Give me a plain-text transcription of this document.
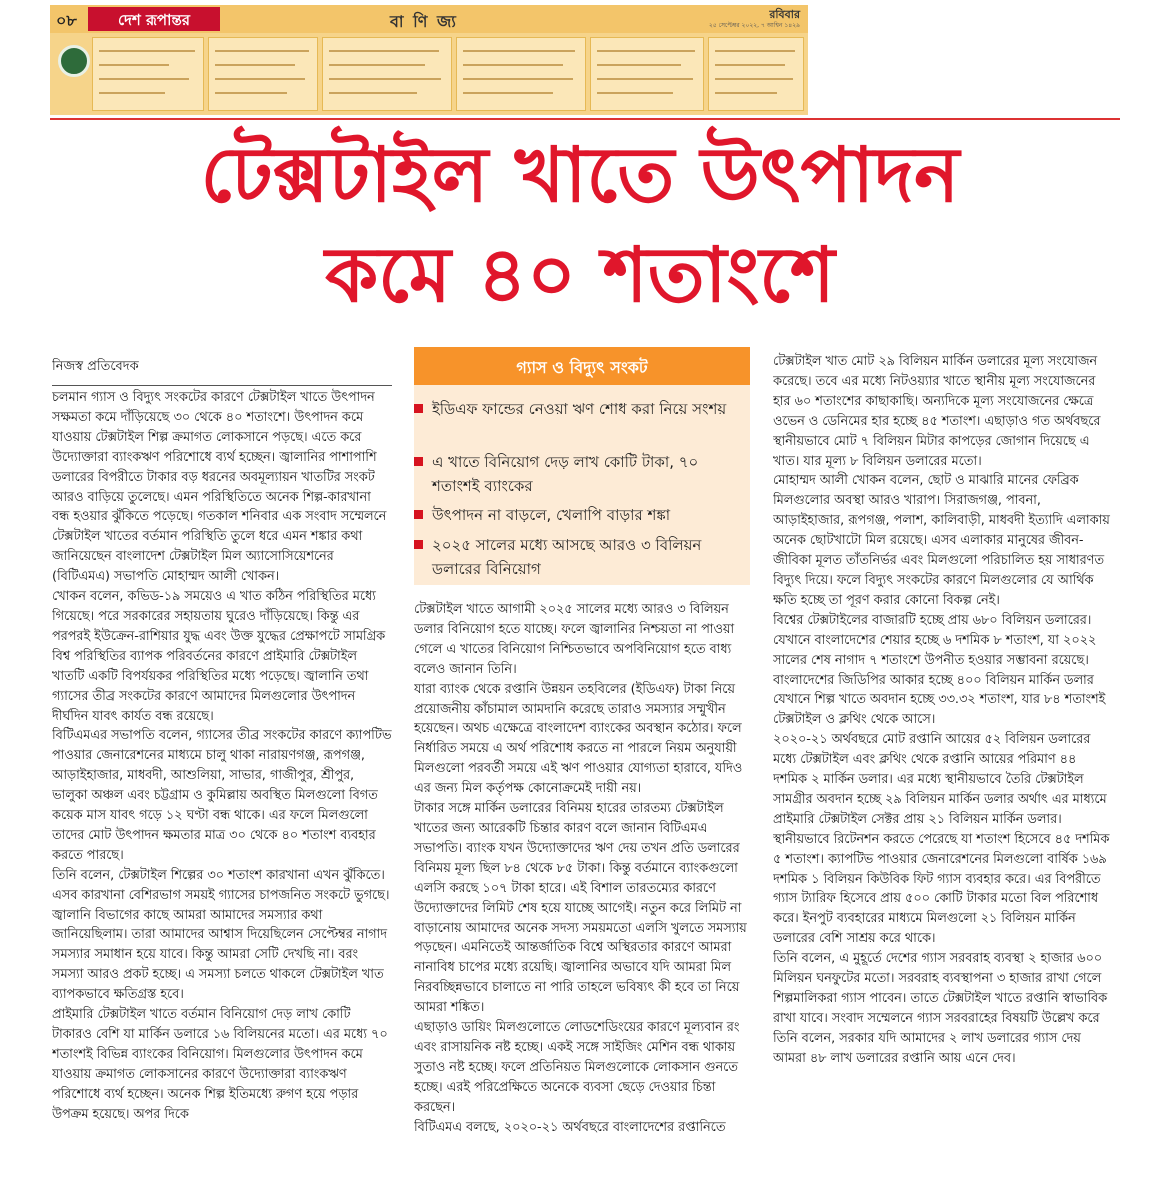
০৮	দেশ রূপান্তর	বা ণি জ্য	রবিবার
২৫ সেপ্টেম্বর ২০২২, ৭ আশ্বিন ১৪২৯
টেক্সটাইল খাতে উৎপাদন
কমে ৪০ শতাংশে

নিজস্ব প্রতিবেদক

চলমান গ্যাস ও বিদ্যুৎ সংকটের কারণে টেক্সটাইল খাতে উৎপাদন সক্ষমতা কমে দাঁড়িয়েছে ৩০ থেকে ৪০ শতাংশে। উৎপাদন কমে যাওয়ায় টেক্সটাইল শিল্প ক্রমাগত লোকসানে পড়ছে। এতে করে উদ্যোক্তারা ব্যাংকঋণ পরিশোধে ব্যর্থ হচ্ছেন। জ্বালানির পাশাপাশি ডলারের বিপরীতে টাকার বড় ধরনের অবমূল্যায়ন খাতটির সংকট আরও বাড়িয়ে তুলেছে। এমন পরিস্থিতিতে অনেক শিল্প-কারখানা বন্ধ হওয়ার ঝুঁকিতে পড়েছে। গতকাল শনিবার এক সংবাদ সম্মেলনে টেক্সটাইল খাতের বর্তমান পরিস্থিতি তুলে ধরে এমন শঙ্কার কথা জানিয়েছেন বাংলাদেশ টেক্সটাইল মিল অ্যাসোসিয়েশনের (বিটিএমএ) সভাপতি মোহাম্মদ আলী খোকন।

খোকন বলেন, কভিড-১৯ সময়েও এ খাত কঠিন পরিস্থিতির মধ্যে গিয়েছে। পরে সরকারের সহায়তায় ঘুরেও দাঁড়িয়েছে। কিন্তু এর পরপরই ইউক্রেন-রাশিয়ার যুদ্ধ এবং উক্ত যুদ্ধের প্রেক্ষাপটে সামগ্রিক বিশ্ব পরিস্থিতির ব্যাপক পরিবর্তনের কারণে প্রাইমারি টেক্সটাইল খাতটি একটি বিপর্যয়কর পরিস্থিতির মধ্যে পড়েছে। জ্বালানি তথা গ্যাসের তীব্র সংকটের কারণে আমাদের মিলগুলোর উৎপাদন দীর্ঘদিন যাবৎ কার্যত বন্ধ রয়েছে।

বিটিএমএর সভাপতি বলেন, গ্যাসের তীব্র সংকটের কারণে ক্যাপটিভ পাওয়ার জেনারেশনের মাধ্যমে চালু থাকা নারায়ণগঞ্জ, রূপগঞ্জ, আড়াইহাজার, মাধবদী, আশুলিয়া, সাভার, গাজীপুর, শ্রীপুর, ভালুকা অঞ্চল এবং চট্টগ্রাম ও কুমিল্লায় অবস্থিত মিলগুলো বিগত কয়েক মাস যাবৎ গড়ে ১২ ঘণ্টা বন্ধ থাকে। এর ফলে মিলগুলো তাদের মোট উৎপাদন ক্ষমতার মাত্র ৩০ থেকে ৪০ শতাংশ ব্যবহার করতে পারছে।

তিনি বলেন, টেক্সটাইল শিল্পের ৩০ শতাংশ কারখানা এখন ঝুঁকিতে। এসব কারখানা বেশিরভাগ সময়ই গ্যাসের চাপজনিত সংকটে ভুগছে। জ্বালানি বিভাগের কাছে আমরা আমাদের সমস্যার কথা জানিয়েছিলাম। তারা আমাদের আশ্বাস দিয়েছিলেন সেপ্টেম্বর নাগাদ সমস্যার সমাধান হয়ে যাবে। কিন্তু আমরা সেটি দেখছি না। বরং সমস্যা আরও প্রকট হচ্ছে। এ সমস্যা চলতে থাকলে টেক্সটাইল খাত ব্যাপকভাবে ক্ষতিগ্রস্ত হবে।

প্রাইমারি টেক্সটাইল খাতে বর্তমান বিনিয়োগ দেড় লাখ কোটি টাকারও বেশি যা মার্কিন ডলারে ১৬ বিলিয়নের মতো। এর মধ্যে ৭০ শতাংশই বিভিন্ন ব্যাংকের বিনিয়োগ। মিলগুলোর উৎপাদন কমে যাওয়ায় ক্রমাগত লোকসানের কারণে উদ্যোক্তারা ব্যাংকঋণ পরিশোধে ব্যর্থ হচ্ছেন। অনেক শিল্প ইতিমধ্যে রুগণ হয়ে পড়ার উপক্রম হয়েছে। অপর দিকে

গ্যাস ও বিদ্যুৎ সংকট
ইডিএফ ফান্ডের নেওয়া ঋণ শোধ করা নিয়ে সংশয়
এ খাতে বিনিয়োগ দেড় লাখ কোটি টাকা, ৭০ শতাংশই ব্যাংকের
উৎপাদন না বাড়লে, খেলাপি বাড়ার শঙ্কা
২০২৫ সালের মধ্যে আসছে আরও ৩ বিলিয়ন ডলারের বিনিয়োগ

টেক্সটাইল খাতে আগামী ২০২৫ সালের মধ্যে আরও ৩ বিলিয়ন ডলার বিনিয়োগ হতে যাচ্ছে। ফলে জ্বালানির নিশ্চয়তা না পাওয়া গেলে এ খাতের বিনিয়োগ নিশ্চিতভাবে অপবিনিয়োগ হতে বাধ্য বলেও জানান তিনি।

যারা ব্যাংক থেকে রপ্তানি উন্নয়ন তহবিলের (ইডিএফ) টাকা নিয়ে প্রয়োজনীয় কাঁচামাল আমদানি করেছে তারাও সমস্যার সম্মুখীন হয়েছেন। অথচ এক্ষেত্রে বাংলাদেশ ব্যাংকের অবস্থান কঠোর। ফলে নির্ধারিত সময়ে এ অর্থ পরিশোধ করতে না পারলে নিয়ম অনুযায়ী মিলগুলো পরবর্তী সময়ে এই ঋণ পাওয়ার যোগ্যতা হারাবে, যদিও এর জন্য মিল কর্তৃপক্ষ কোনোক্রমেই দায়ী নয়।

টাকার সঙ্গে মার্কিন ডলারের বিনিময় হারের তারতম্য টেক্সটাইল খাতের জন্য আরেকটি চিন্তার কারণ বলে জানান বিটিএমএ সভাপতি। ব্যাংক যখন উদ্যোক্তাদের ঋণ দেয় তখন প্রতি ডলারের বিনিময় মূল্য ছিল ৮৪ থেকে ৮৫ টাকা। কিন্তু বর্তমানে ব্যাংকগুলো এলসি করছে ১০৭ টাকা হারে। এই বিশাল তারতম্যের কারণে উদ্যোক্তাদের লিমিট শেষ হয়ে যাচ্ছে আগেই। নতুন করে লিমিট না বাড়ানোয় আমাদের অনেক সদস্য সময়মতো এলসি খুলতে সমস্যায় পড়ছেন। এমনিতেই আন্তর্জাতিক বিশ্বে অস্থিরতার কারণে আমরা নানাবিধ চাপের মধ্যে রয়েছি। জ্বালানির অভাবে যদি আমরা মিল নিরবচ্ছিন্নভাবে চালাতে না পারি তাহলে ভবিষ্যৎ কী হবে তা নিয়ে আমরা শঙ্কিত।

এছাড়াও ডায়িং মিলগুলোতে লোডশেডিংয়ের কারণে মূল্যবান রং এবং রাসায়নিক নষ্ট হচ্ছে। একই সঙ্গে সাইজিং মেশিন বন্ধ থাকায় সুতাও নষ্ট হচ্ছে। ফলে প্রতিনিয়ত মিলগুলোকে লোকসান গুনতে হচ্ছে। এরই পরিপ্রেক্ষিতে অনেকে ব্যবসা ছেড়ে দেওয়ার চিন্তা করছেন।

বিটিএমএ বলছে, ২০২০-২১ অর্থবছরে বাংলাদেশের রপ্তানিতে

টেক্সটাইল খাত মোট ২৯ বিলিয়ন মার্কিন ডলারের মূল্য সংযোজন করেছে। তবে এর মধ্যে নিটওয়্যার খাতে স্থানীয় মূল্য সংযোজনের হার ৬০ শতাংশের কাছাকাছি। অন্যদিকে মূল্য সংযোজনের ক্ষেত্রে ওভেন ও ডেনিমের হার হচ্ছে ৪৫ শতাংশ। এছাড়াও গত অর্থবছরে স্থানীয়ভাবে মোট ৭ বিলিয়ন মিটার কাপড়ের জোগান দিয়েছে এ খাত। যার মূল্য ৮ বিলিয়ন ডলারের মতো।

মোহাম্মদ আলী খোকন বলেন, ছোট ও মাঝারি মানের ফেব্রিক মিলগুলোর অবস্থা আরও খারাপ। সিরাজগঞ্জ, পাবনা, আড়াইহাজার, রূপগঞ্জ, পলাশ, কালিবাড়ী, মাধবদী ইত্যাদি এলাকায় অনেক ছোটখাটো মিল রয়েছে। এসব এলাকার মানুষের জীবন-জীবিকা মূলত তাঁতনির্ভর এবং মিলগুলো পরিচালিত হয় সাধারণত বিদ্যুৎ দিয়ে। ফলে বিদ্যুৎ সংকটের কারণে মিলগুলোর যে আর্থিক ক্ষতি হচ্ছে তা পূরণ করার কোনো বিকল্প নেই।

বিশ্বের টেক্সটাইলের বাজারটি হচ্ছে প্রায় ৬৮০ বিলিয়ন ডলারের। যেখানে বাংলাদেশের শেয়ার হচ্ছে ৬ দশমিক ৮ শতাংশ, যা ২০২২ সালের শেষ নাগাদ ৭ শতাংশে উপনীত হওয়ার সম্ভাবনা রয়েছে। বাংলাদেশের জিডিপির আকার হচ্ছে ৪০০ বিলিয়ন মার্কিন ডলার যেখানে শিল্প খাতে অবদান হচ্ছে ৩৩.৩২ শতাংশ, যার ৮৪ শতাংশই টেক্সটাইল ও ক্লথিং থেকে আসে।

২০২০-২১ অর্থবছরে মোট রপ্তানি আয়ের ৫২ বিলিয়ন ডলারের মধ্যে টেক্সটাইল এবং ক্লথিং থেকে রপ্তানি আয়ের পরিমাণ ৪৪ দশমিক ২ মার্কিন ডলার। এর মধ্যে স্থানীয়ভাবে তৈরি টেক্সটাইল সামগ্রীর অবদান হচ্ছে ২৯ বিলিয়ন মার্কিন ডলার অর্থাৎ এর মাধ্যমে প্রাইমারি টেক্সটাইল সেক্টর প্রায় ২১ বিলিয়ন মার্কিন ডলার।

স্থানীয়ভাবে রিটেনশন করতে পেরেছে যা শতাংশ হিসেবে ৪৫ দশমিক ৫ শতাংশ। ক্যাপটিভ পাওয়ার জেনারেশনের মিলগুলো বার্ষিক ১৬৯ দশমিক ১ বিলিয়ন কিউবিক ফিট গ্যাস ব্যবহার করে। এর বিপরীতে গ্যাস ট্যারিফ হিসেবে প্রায় ৫০০ কোটি টাকার মতো বিল পরিশোধ করে। ইনপুট ব্যবহারের মাধ্যমে মিলগুলো ২১ বিলিয়ন মার্কিন ডলারের বেশি সাশ্রয় করে থাকে।

তিনি বলেন, এ মুহূর্তে দেশের গ্যাস সরবরাহ ব্যবস্থা ২ হাজার ৬০০ মিলিয়ন ঘনফুটের মতো। সরবরাহ ব্যবস্থাপনা ৩ হাজার রাখা গেলে শিল্পমালিকরা গ্যাস পাবেন। তাতে টেক্সটাইল খাতে রপ্তানি স্বাভাবিক রাখা যাবে। সংবাদ সম্মেলনে গ্যাস সরবরাহের বিষয়টি উল্লেখ করে তিনি বলেন, সরকার যদি আমাদের ২ লাখ ডলারের গ্যাস দেয় আমরা ৪৮ লাখ ডলারের রপ্তানি আয় এনে দেব।
